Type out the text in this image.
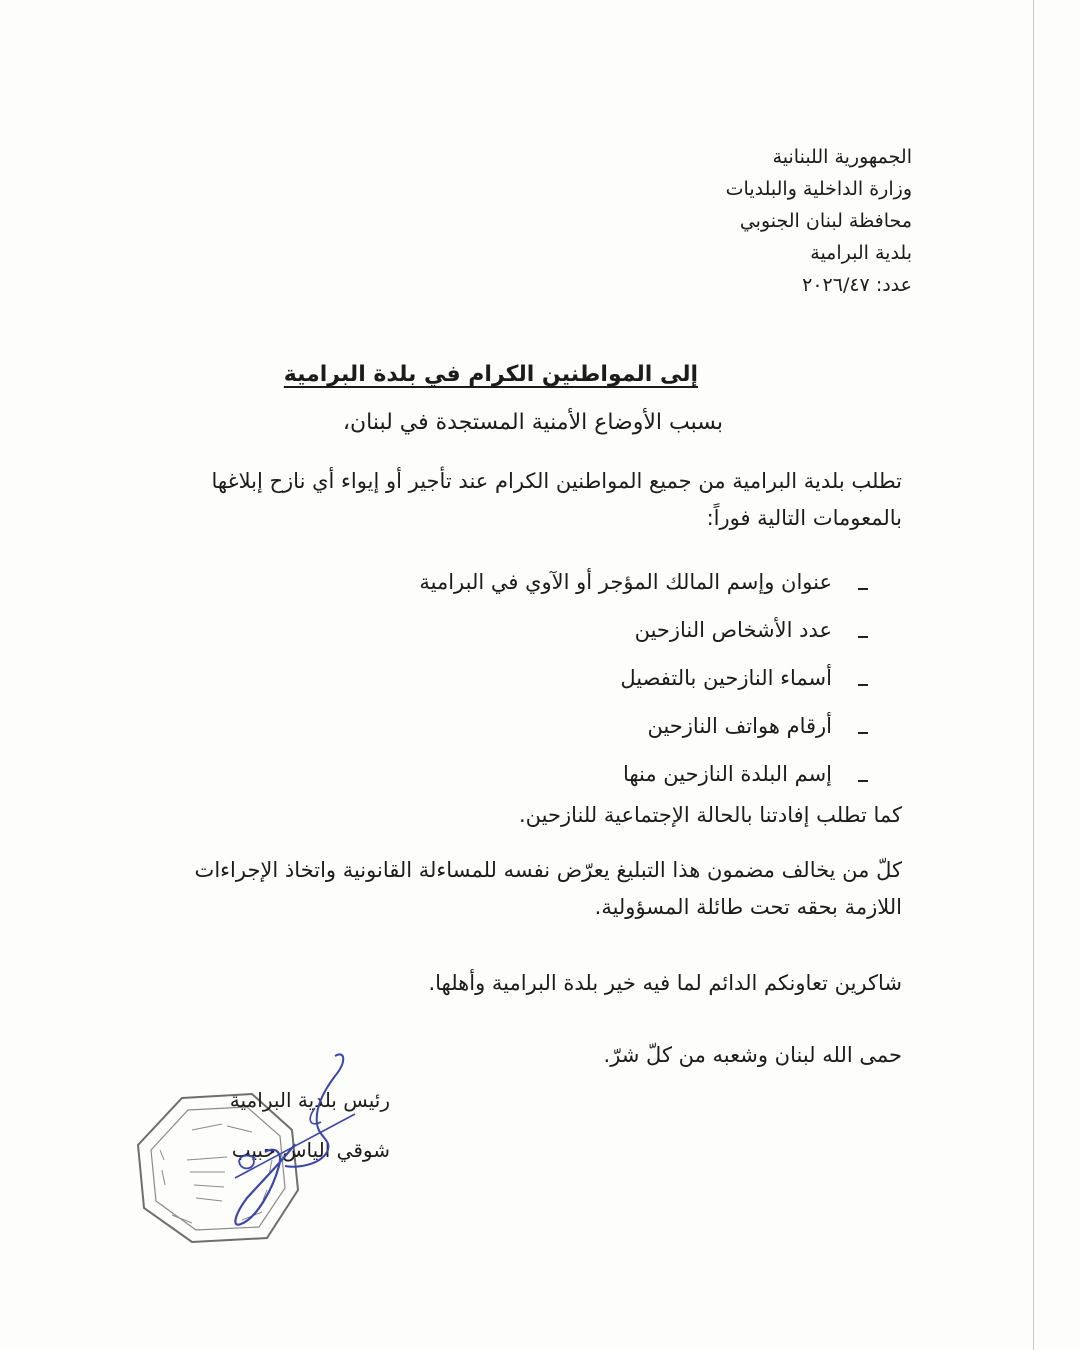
الجمهورية اللبنانية
وزارة الداخلية والبلديات
محافظة لبنان الجنوبي
بلدية البرامية
عدد: ٢٠٢٦/٤٧
إلى المواطنين الكرام في بلدة البرامية
بسبب الأوضاع الأمنية المستجدة في لبنان،
تطلب بلدية البرامية من جميع المواطنين الكرام عند تأجير أو إيواء أي نازح إبلاغها بالمعومات التالية فوراً:
عنوان وإسم المالك المؤجر أو الآوي في البرامية
عدد الأشخاص النازحين
أسماء النازحين بالتفصيل
أرقام هواتف النازحين
إسم البلدة النازحين منها
كما تطلب إفادتنا بالحالة الإجتماعية للنازحين.
كلّ من يخالف مضمون هذا التبليغ يعرّض نفسه للمساءلة القانونية واتخاذ الإجراءات اللازمة بحقه تحت طائلة المسؤولية.
شاكرين تعاونكم الدائم لما فيه خير بلدة البرامية وأهلها.
حمى الله لبنان وشعبه من كلّ شرّ.
رئيس بلدية البرامية
شوقي الياس حبيب
